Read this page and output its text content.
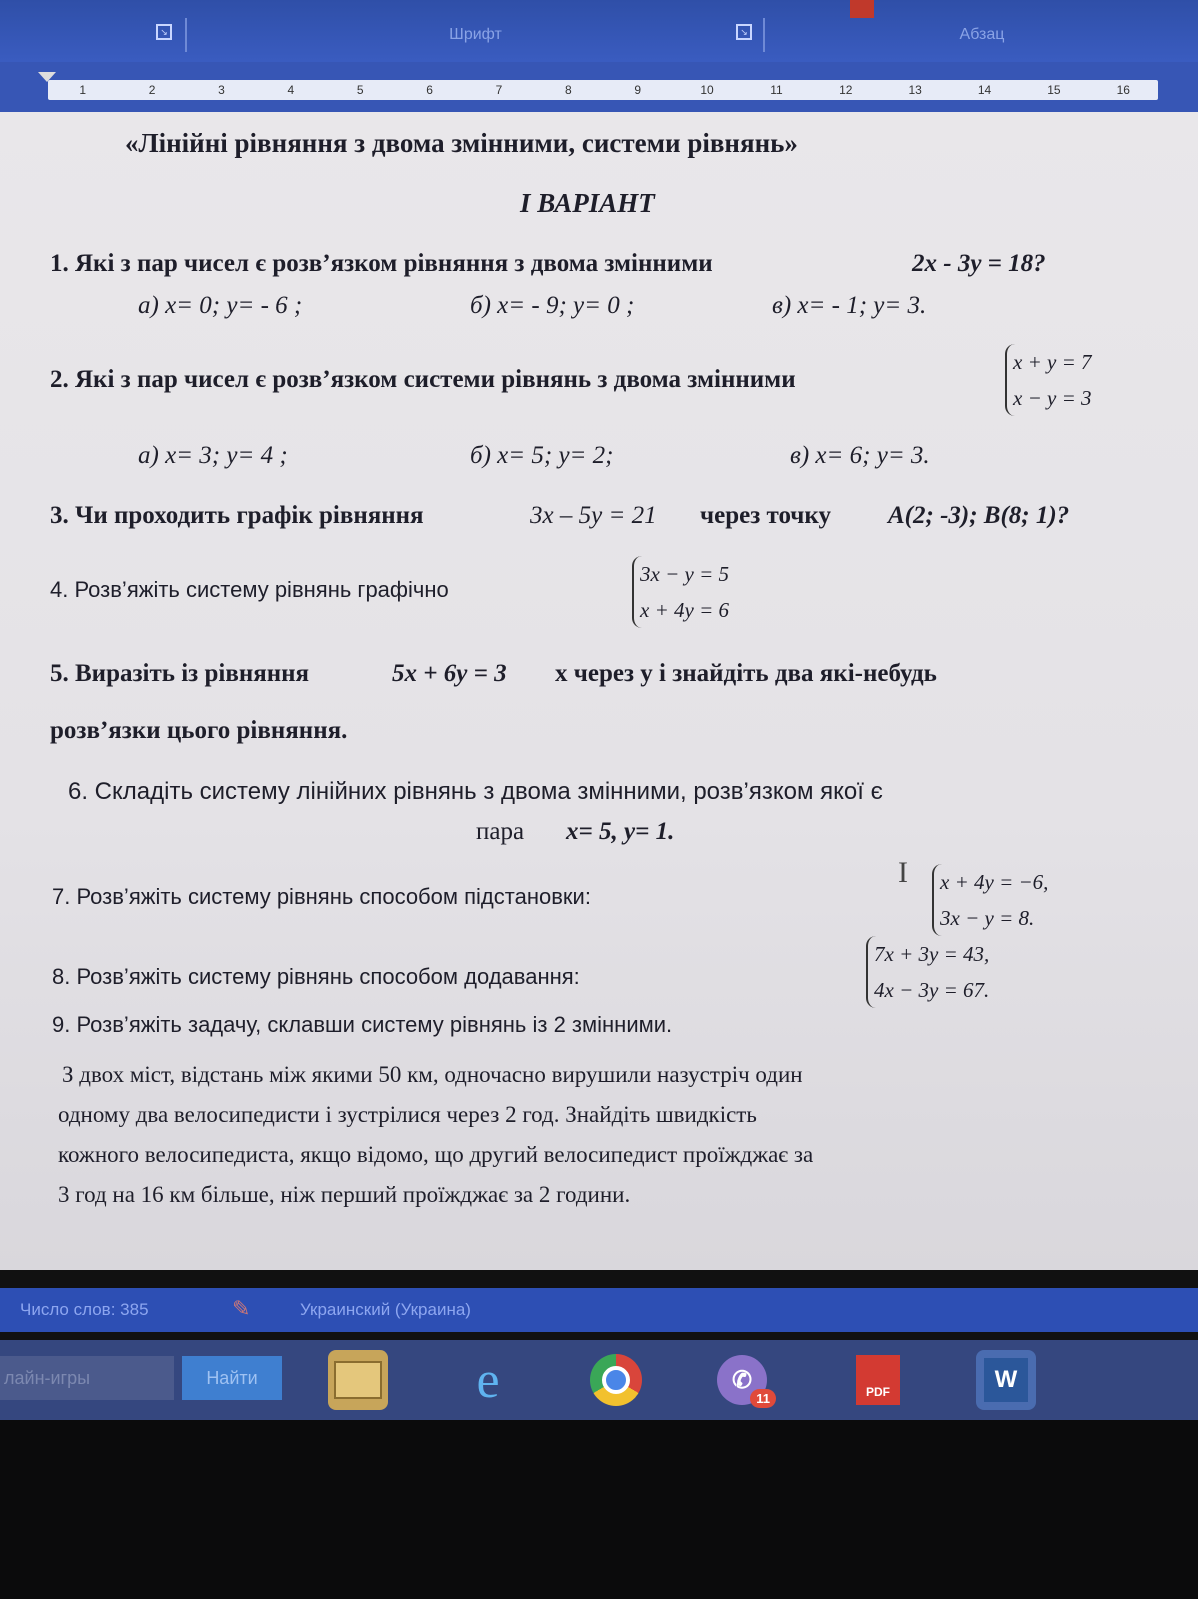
↘	Шрифт	↘	Абзац
1	2	3	4	5	6	7	8	9	10	11	12	13	14	15	16
«Лінійні рівняння з двома змінними, системи рівнянь»
І ВАРІАНТ
1. Які з пар чисел є розв’язком рівняння з двома змінними	2x - 3y = 18?
а) x= 0; y= - 6 ;	б) x= - 9; y= 0 ;	в) x= - 1; y= 3.
2. Які з пар чисел є розв’язком системи рівнянь з двома змінними
x + y = 7
x − y = 3
а) x= 3; y= 4 ;	б) x= 5; y= 2;	в) x= 6; y= 3.
3. Чи проходить графік рівняння	3x – 5y = 21 через точку A(2; -3); B(8; 1)?
4. Розв’яжіть систему рівнянь графічно
3x − y = 5
x + 4y = 6
5. Виразіть із рівняння	5x + 6y = 3 x через y і знайдіть два які-небудь
розв’язки цього рівняння.
6. Складіть систему лінійних рівнянь з двома змінними, розв’язком якої є
пара x= 5, y= 1.
7. Розв’яжіть систему рівнянь способом підстановки:
I x + 4y = −6,
3x − y = 8.
8. Розв’яжіть систему рівнянь способом додавання:
7x + 3y = 43,
4x − 3y = 67.
9. Розв’яжіть задачу, склавши систему рівнянь із 2 змінними.
З двох міст, відстань між якими 50 км, одночасно вирушили назустріч один
одному два велосипедисти і зустрілися через 2 год. Знайдіть швидкість
кожного велосипедиста, якщо відомо, що другий велосипедист проїжджає за
3 год на 16 км більше, ніж перший проїжджає за 2 години.
Число слов: 385	✎	Украинский (Украина)
лайн-игры	Найти	e	✆
11	PDF	W
